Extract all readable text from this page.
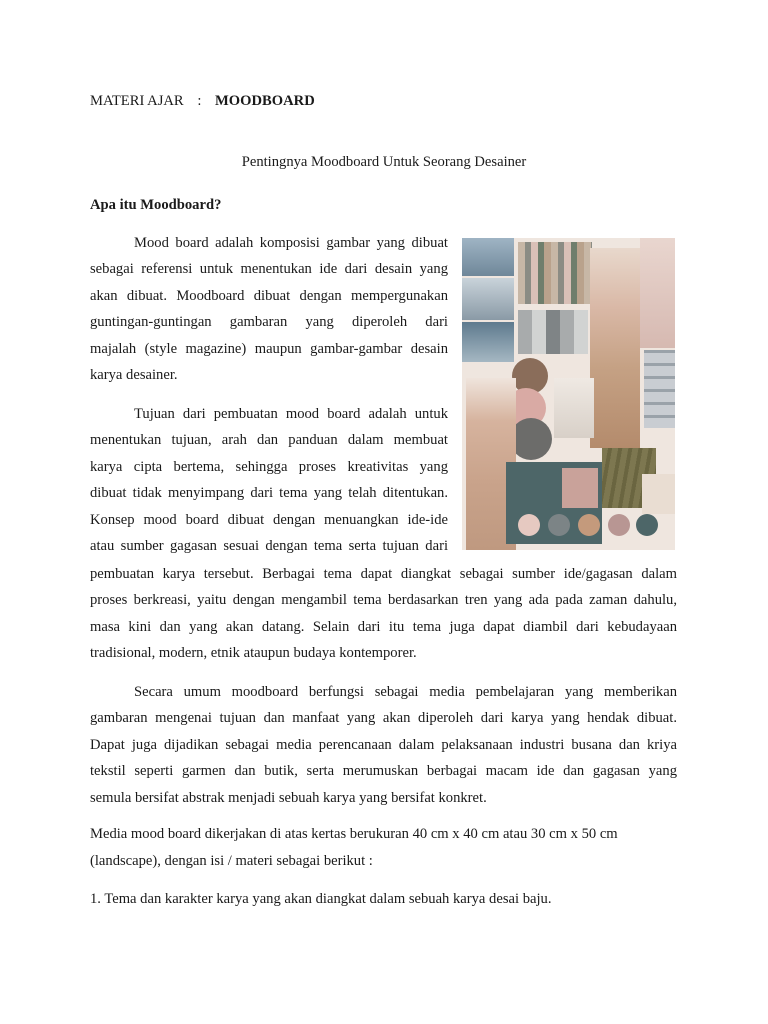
MATERI AJAR : MOODBOARD
Pentingnya Moodboard Untuk Seorang Desainer
Apa itu Moodboard?
Mood board adalah komposisi gambar yang dibuat
sebagai referensi untuk menentukan ide dari desain yang
akan dibuat. Moodboard dibuat dengan mempergunakan
guntingan-guntingan gambaran yang diperoleh dari
majalah (style magazine) maupun gambar-gambar desain
karya desainer.
Tujuan dari pembuatan mood board adalah untuk
menentukan tujuan, arah dan panduan dalam membuat
karya cipta bertema, sehingga proses kreativitas yang
dibuat tidak menyimpang dari tema yang telah ditentukan.
Konsep mood board dibuat dengan menuangkan ide-ide
atau sumber gagasan sesuai dengan tema serta tujuan dari
pembuatan karya tersebut. Berbagai tema dapat diangkat sebagai sumber ide/gagasan dalam
proses berkreasi, yaitu dengan mengambil tema berdasarkan tren yang ada pada zaman dahulu,
masa kini dan yang akan datang. Selain dari itu tema juga dapat diambil dari kebudayaan
tradisional, modern, etnik ataupun budaya kontemporer.
Secara umum moodboard berfungsi sebagai media pembelajaran yang memberikan
gambaran mengenai tujuan dan manfaat yang akan diperoleh dari karya yang hendak dibuat.
Dapat juga dijadikan sebagai media perencanaan dalam pelaksanaan industri busana dan kriya
tekstil seperti garmen dan butik, serta merumuskan berbagai macam ide dan gagasan yang
semula bersifat abstrak menjadi sebuah karya yang bersifat konkret.
Media mood board dikerjakan di atas kertas berukuran 40 cm x 40 cm atau 30 cm x 50 cm
(landscape), dengan isi / materi sebagai berikut :
1. Tema dan karakter karya yang akan diangkat dalam sebuah karya desai baju.
